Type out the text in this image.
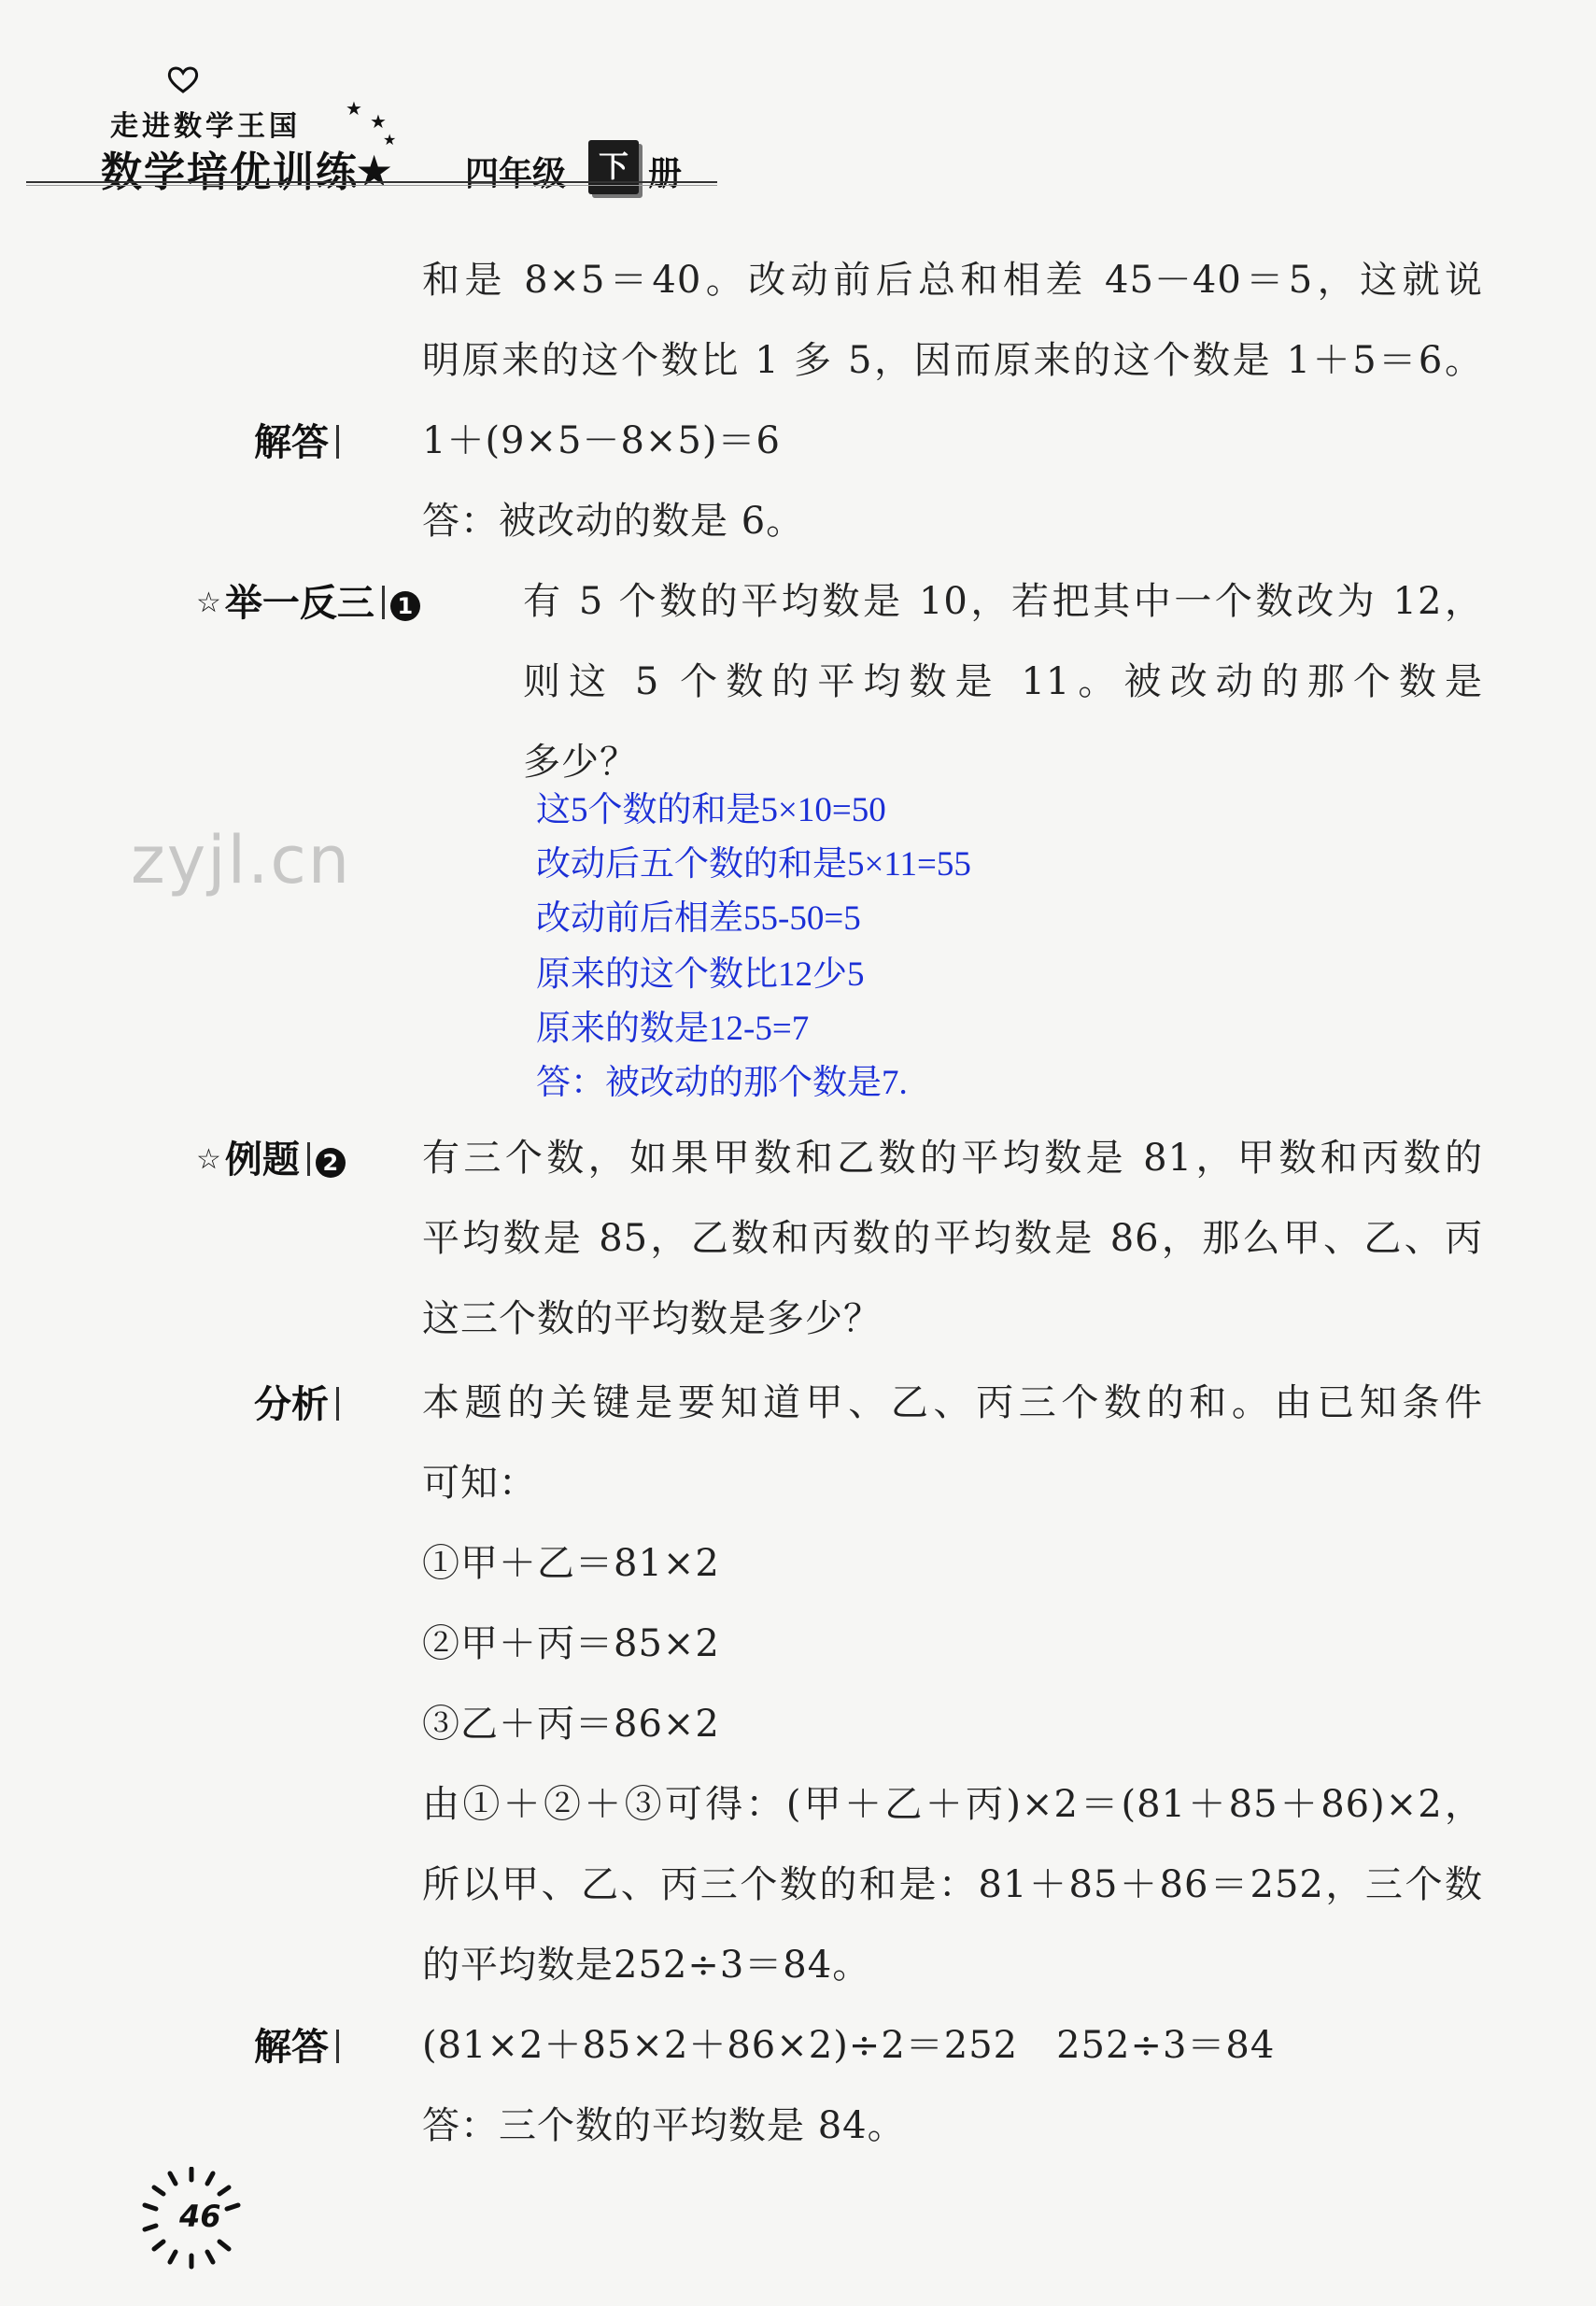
走进数学王国
★
★
★
数学培优训练
★ 四年级	下 册
和是 8×5＝40。改动前后总和相差 45－40＝5，这就说
明原来的这个数比 1 多 5，因而原来的这个数是 1＋5＝6。
解答	1＋(9×5－8×5)＝6
答：被改动的数是 6。
☆ 举一反三 1	有 5 个数的平均数是 10，若把其中一个数改为 12，
则这 5 个数的平均数是 11。被改动的那个数是
多少？
这5个数的和是5×10=50
改动后五个数的和是5×11=55
改动前后相差55-50=5
原来的这个数比12少5
原来的数是12-5=7
答：被改动的那个数是7.
zyjl.cn
☆ 例题 2 有三个数，如果甲数和乙数的平均数是 81，甲数和丙数的
平均数是 85，乙数和丙数的平均数是 86，那么甲、乙、丙
这三个数的平均数是多少？
分析	本题的关键是要知道甲、乙、丙三个数的和。由已知条件
可知：
①甲＋乙＝81×2
②甲＋丙＝85×2
③乙＋丙＝86×2
由①＋②＋③可得：(甲＋乙＋丙)×2＝(81＋85＋86)×2，
所以甲、乙、丙三个数的和是：81＋85＋86＝252，三个数
的平均数是252÷3＝84。
解答	(81×2＋85×2＋86×2)÷2＝252　252÷3＝84
答：三个数的平均数是 84。
46
